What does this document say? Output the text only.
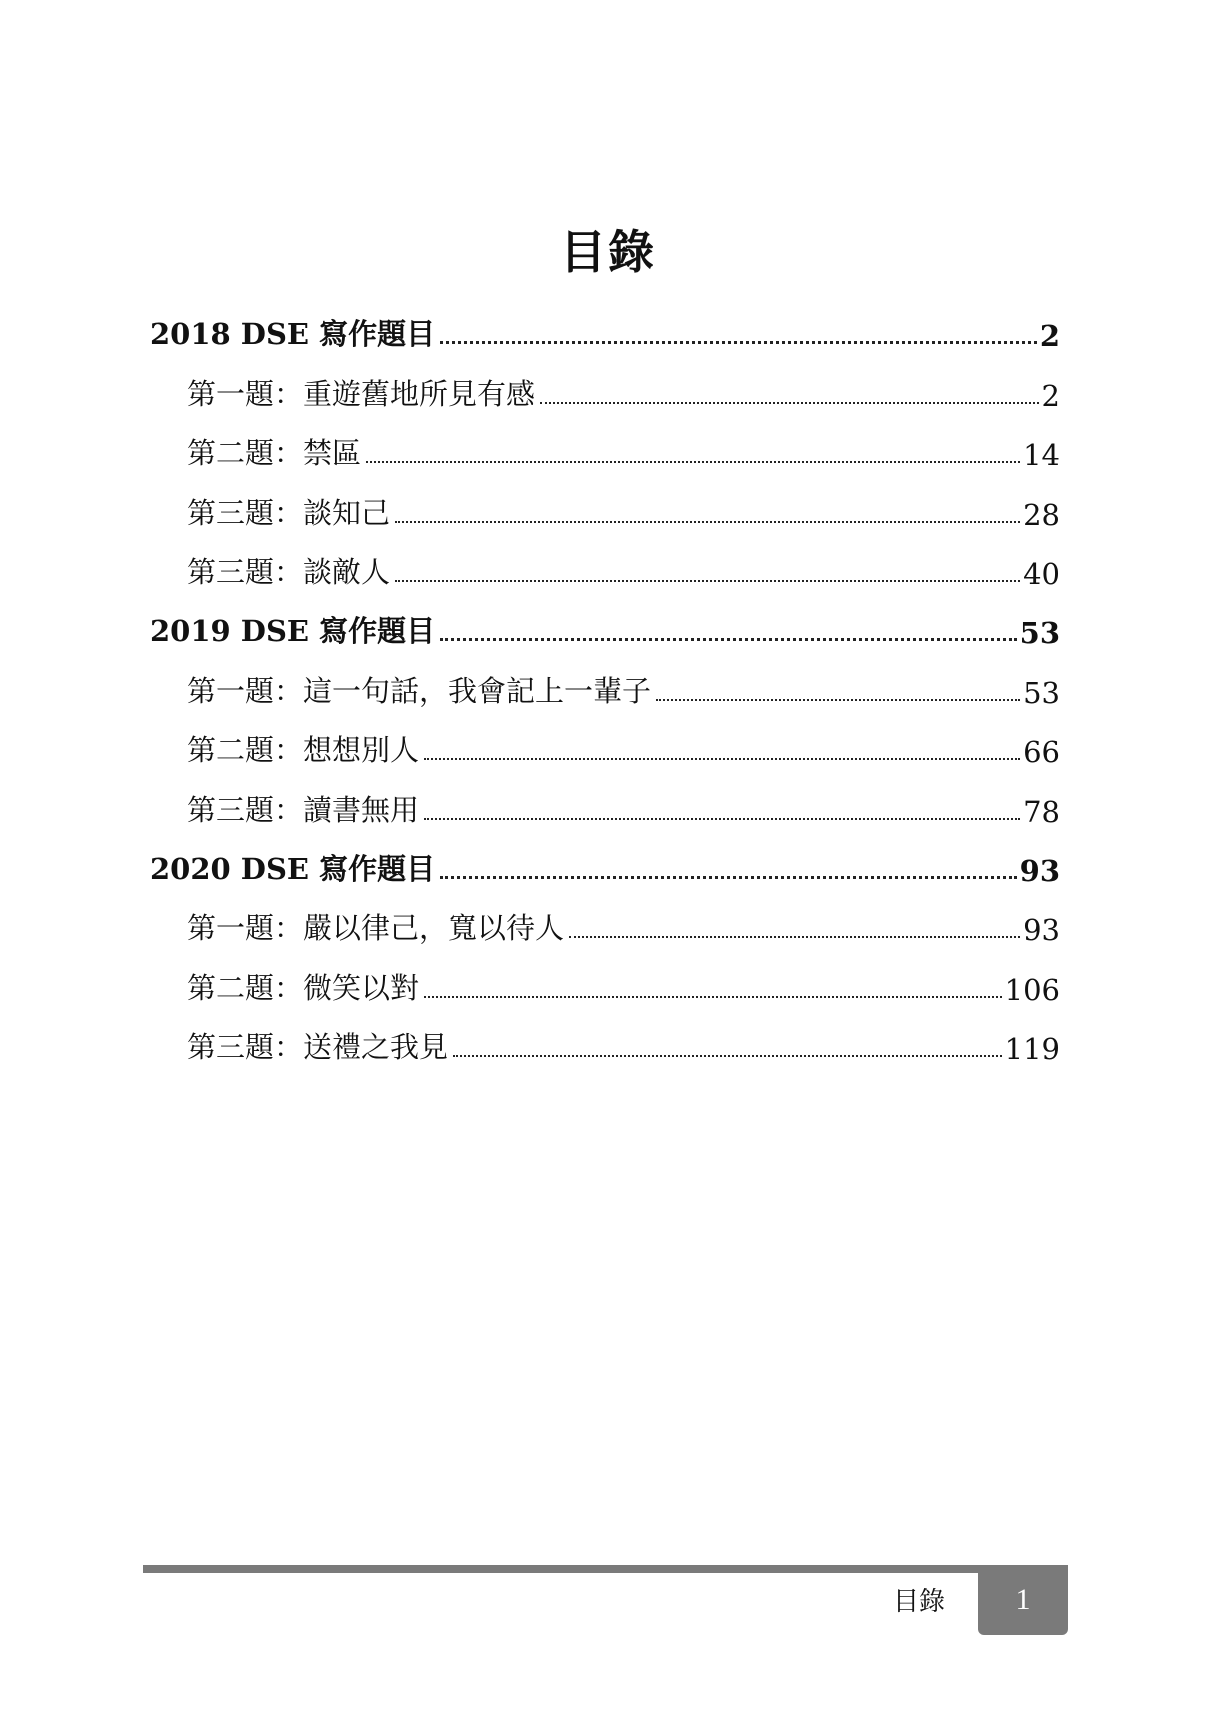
目錄
2018 DSE 寫作題目	2
第一題：重遊舊地所見有感	2
第二題：禁區	14
第三題：談知己	28
第三題：談敵人	40
2019 DSE 寫作題目	53
第一題：這一句話，我會記上一輩子	53
第二題：想想別人	66
第三題：讀書無用	78
2020 DSE 寫作題目	93
第一題：嚴以律己，寬以待人	93
第二題：微笑以對	106
第三題：送禮之我見	119
目錄	1
